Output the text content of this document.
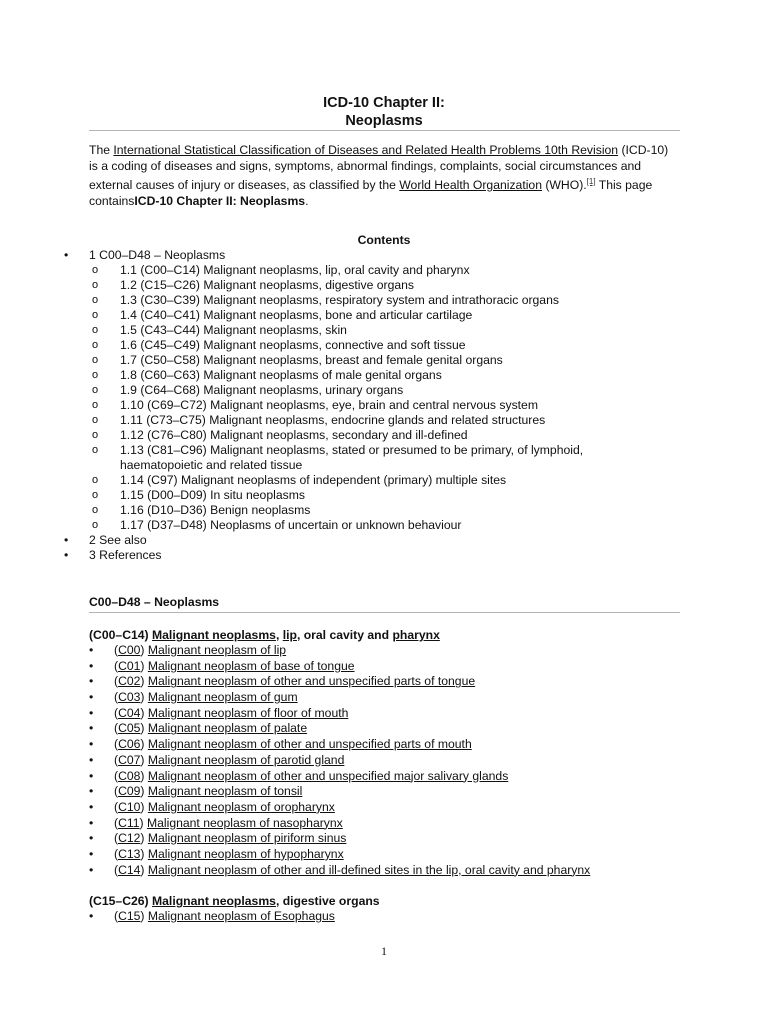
ICD-10 Chapter II:
Neoplasms
The International Statistical Classification of Diseases and Related Health Problems 10th Revision (ICD-10) is a coding of diseases and signs, symptoms, abnormal findings, complaints, social circumstances and external causes of injury or diseases, as classified by the World Health Organization (WHO).[1] This page containsICD-10 Chapter II: Neoplasms.
Contents
• 1 C00–D48 – Neoplasms
o 1.1 (C00–C14) Malignant neoplasms, lip, oral cavity and pharynx
o 1.2 (C15–C26) Malignant neoplasms, digestive organs
o 1.3 (C30–C39) Malignant neoplasms, respiratory system and intrathoracic organs
o 1.4 (C40–C41) Malignant neoplasms, bone and articular cartilage
o 1.5 (C43–C44) Malignant neoplasms, skin
o 1.6 (C45–C49) Malignant neoplasms, connective and soft tissue
o 1.7 (C50–C58) Malignant neoplasms, breast and female genital organs
o 1.8 (C60–C63) Malignant neoplasms of male genital organs
o 1.9 (C64–C68) Malignant neoplasms, urinary organs
o 1.10 (C69–C72) Malignant neoplasms, eye, brain and central nervous system
o 1.11 (C73–C75) Malignant neoplasms, endocrine glands and related structures
o 1.12 (C76–C80) Malignant neoplasms, secondary and ill-defined
o 1.13 (C81–C96) Malignant neoplasms, stated or presumed to be primary, of lymphoid, haematopoietic and related tissue
o 1.14 (C97) Malignant neoplasms of independent (primary) multiple sites
o 1.15 (D00–D09) In situ neoplasms
o 1.16 (D10–D36) Benign neoplasms
o 1.17 (D37–D48) Neoplasms of uncertain or unknown behaviour
• 2 See also
• 3 References
C00–D48 – Neoplasms
(C00–C14) Malignant neoplasms, lip, oral cavity and pharynx
• (C00) Malignant neoplasm of lip
• (C01) Malignant neoplasm of base of tongue
• (C02) Malignant neoplasm of other and unspecified parts of tongue
• (C03) Malignant neoplasm of gum
• (C04) Malignant neoplasm of floor of mouth
• (C05) Malignant neoplasm of palate
• (C06) Malignant neoplasm of other and unspecified parts of mouth
• (C07) Malignant neoplasm of parotid gland
• (C08) Malignant neoplasm of other and unspecified major salivary glands
• (C09) Malignant neoplasm of tonsil
• (C10) Malignant neoplasm of oropharynx
• (C11) Malignant neoplasm of nasopharynx
• (C12) Malignant neoplasm of piriform sinus
• (C13) Malignant neoplasm of hypopharynx
• (C14) Malignant neoplasm of other and ill-defined sites in the lip, oral cavity and pharynx
(C15–C26) Malignant neoplasms, digestive organs
• (C15) Malignant neoplasm of Esophagus
1
